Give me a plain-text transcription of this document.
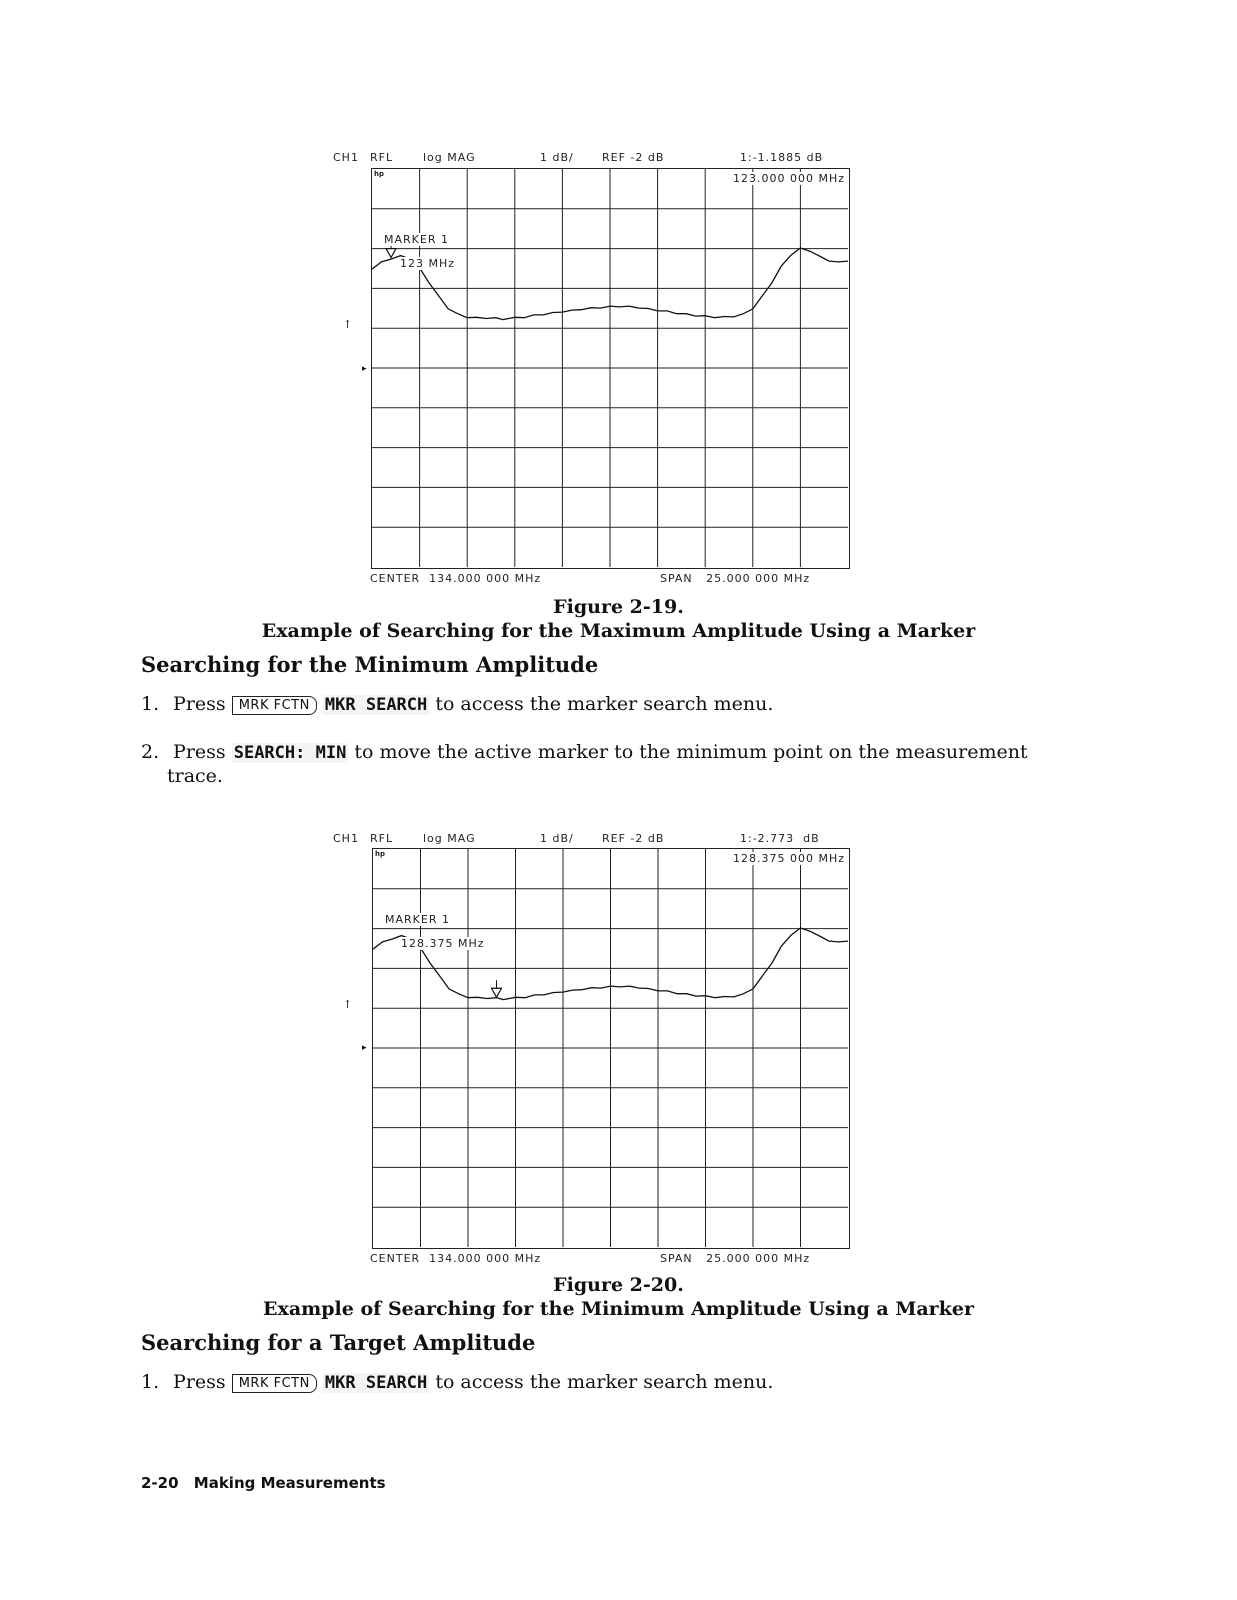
CH1 RFL	log MAG	1 dB/	REF -2 dB	1:-1.1885 dB
↑
▸
hp	123.000 000 MHz
MARKER 1
123 MHz
CENTER  134.000 000 MHz	SPAN   25.000 000 MHz
Figure 2-19.
Example of Searching for the Maximum Amplitude Using a Marker
Searching for the Minimum Amplitude
1. Press MRK FCTN MKR SEARCH to access the marker search menu.
2. Press SEARCH: MIN to move the active marker to the minimum point on the measurement
trace.
CH1 RFL	log MAG	1 dB/	REF -2 dB	1:-2.773  dB
↑
▸
hp	128.375 000 MHz
MARKER 1
128.375 MHz
CENTER  134.000 000 MHz	SPAN   25.000 000 MHz
Figure 2-20.
Example of Searching for the Minimum Amplitude Using a Marker
Searching for a Target Amplitude
1. Press MRK FCTN MKR SEARCH to access the marker search menu.
2-20 Making Measurements
